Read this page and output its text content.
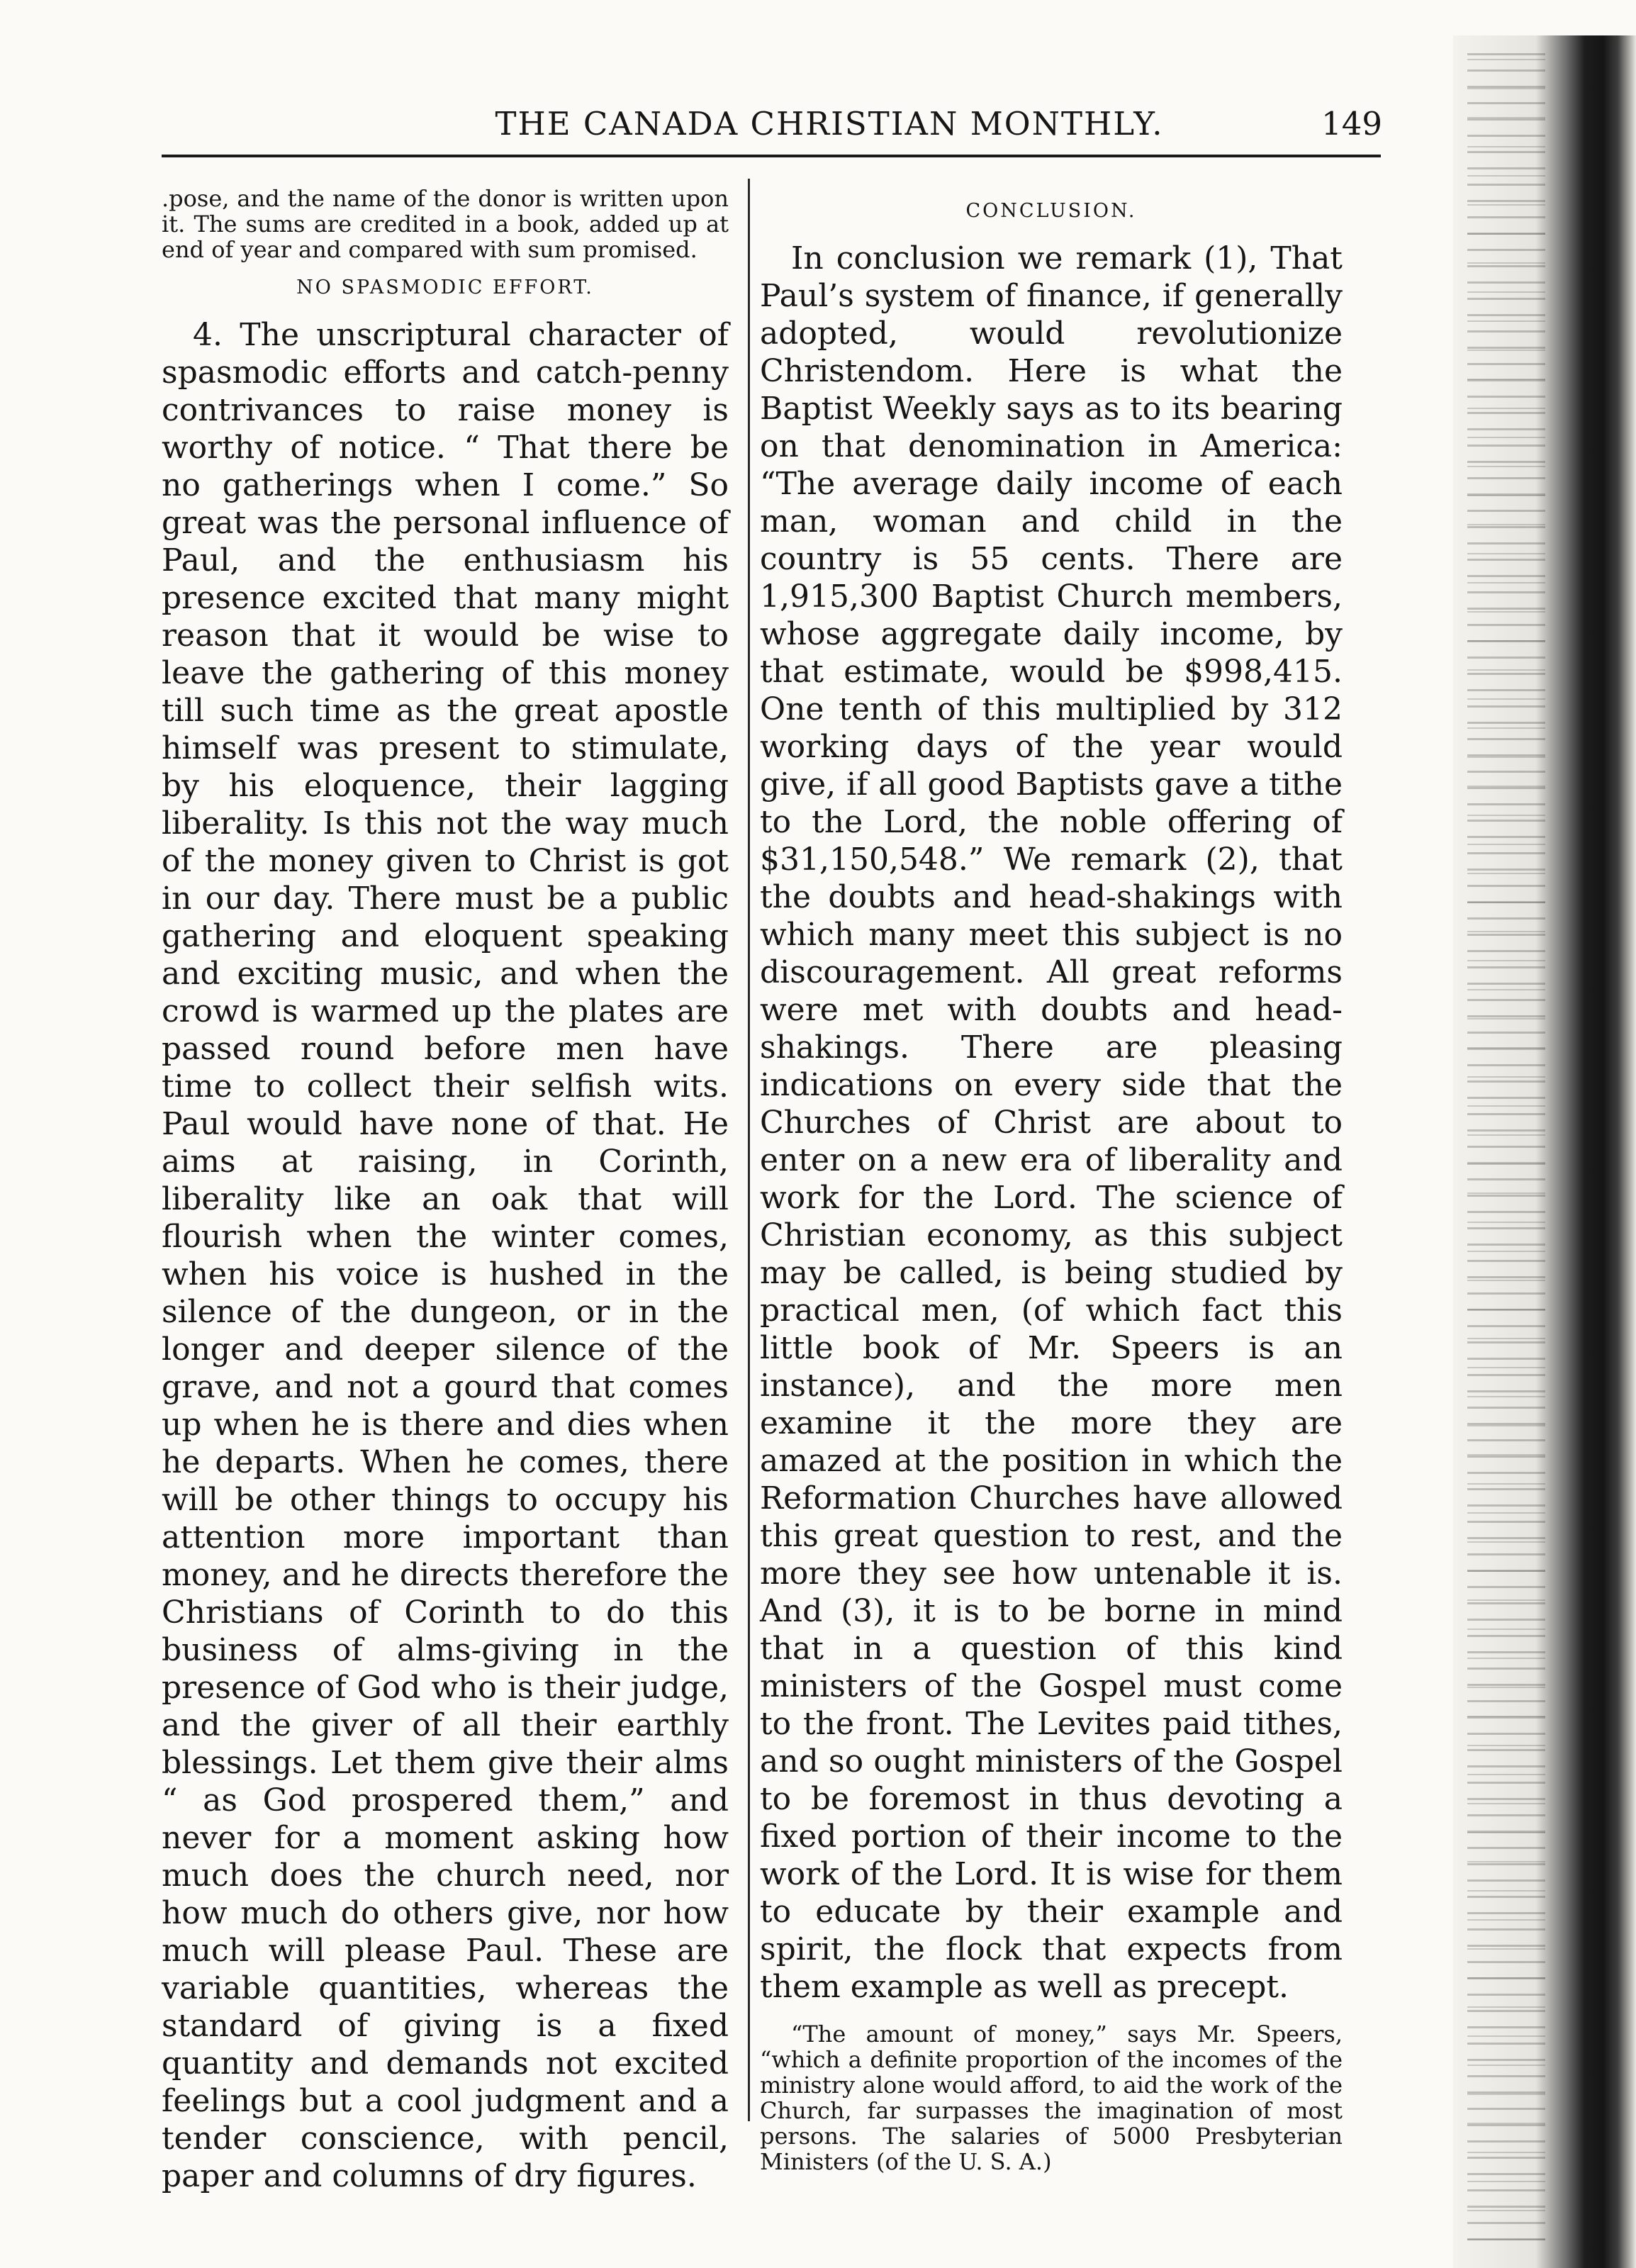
THE CANADA CHRISTIAN MONTHLY.	149

.pose, and the name of the donor is written upon it. The sums are credited in a book, added up at end of year and compared with sum promised.

NO SPASMODIC EFFORT.

4. The unscriptural character of spasmodic efforts and catch-penny contrivances to raise money is worthy of notice. “ That there be no gatherings when I come.” So great was the personal influence of Paul, and the enthusiasm his presence excited that many might reason that it would be wise to leave the gathering of this money till such time as the great apostle himself was present to stimulate, by his eloquence, their lagging liberality. Is this not the way much of the money given to Christ is got in our day. There must be a public gathering and eloquent speaking and exciting music, and when the crowd is warmed up the plates are passed round before men have time to collect their selfish wits. Paul would have none of that. He aims at raising, in Corinth, liberality like an oak that will flourish when the winter comes, when his voice is hushed in the silence of the dungeon, or in the longer and deeper silence of the grave, and not a gourd that comes up when he is there and dies when he departs. When he comes, there will be other things to occupy his attention more important than money, and he directs therefore the Christians of Corinth to do this business of alms-giving in the presence of God who is their judge, and the giver of all their earthly blessings. Let them give their alms “ as God prospered them,” and never for a moment asking how much does the church need, nor how much do others give, nor how much will please Paul. These are variable quantities, whereas the standard of giving is a fixed quantity and demands not excited feelings but a cool judgment and a tender conscience, with pencil, paper and columns of dry figures.

CONCLUSION.

In conclusion we remark (1), That Paul’s system of finance, if generally adopted, would revolutionize Christendom. Here is what the Baptist Weekly says as to its bearing on that denomination in America: “The average daily income of each man, woman and child in the country is 55 cents. There are 1,915,300 Baptist Church members, whose aggregate daily income, by that estimate, would be $998,415. One tenth of this multiplied by 312 working days of the year would give, if all good Baptists gave a tithe to the Lord, the noble offering of $31,150,548.” We remark (2), that the doubts and head-shakings with which many meet this subject is no discouragement. All great reforms were met with doubts and head-shakings. There are pleasing indications on every side that the Churches of Christ are about to enter on a new era of liberality and work for the Lord. The science of Christian economy, as this subject may be called, is being studied by practical men, (of which fact this little book of Mr. Speers is an instance), and the more men examine it the more they are amazed at the position in which the Reformation Churches have allowed this great question to rest, and the more they see how untenable it is. And (3), it is to be borne in mind that in a question of this kind ministers of the Gospel must come to the front. The Levites paid tithes, and so ought ministers of the Gospel to be foremost in thus devoting a fixed portion of their income to the work of the Lord. It is wise for them to educate by their example and spirit, the flock that expects from them example as well as precept.

“The amount of money,” says Mr. Speers, “which a definite proportion of the incomes of the ministry alone would afford, to aid the work of the Church, far surpasses the imagination of most persons. The salaries of 5000 Presbyterian Ministers (of the U. S. A.)
